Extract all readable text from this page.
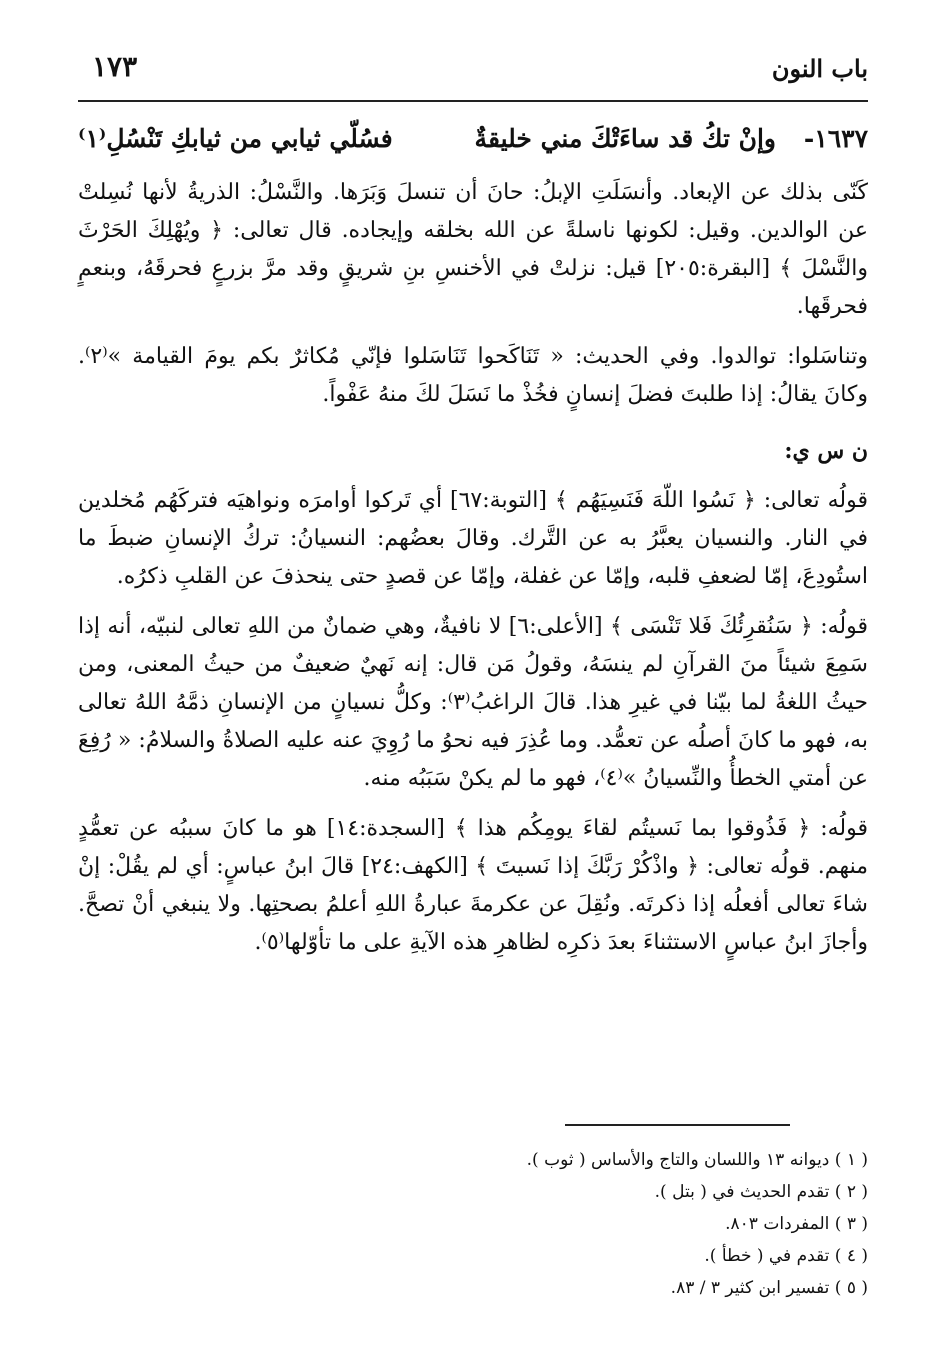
باب النون
١٧٣
١٦٣٧-
وإنْ تكُ قد ساءَتْكَ مني خليقةٌ
فسُلّي ثيابي من ثيابكِ تَنْسُلِ⁽١⁾

كَنّى بذلك عن الإبعاد. وأنسَلَتِ الإبلُ: حانَ أن تنسلَ وَبَرَها. والنَّسْلُ: الذريةُ لأنها نُسِلتْ عن الوالدين. وقيل: لكونها ناسلةً عن الله بخلقه وإيجاده. قال تعالى: ﴿ ويُهْلِكَ الحَرْثَ والنَّسْلَ ﴾ [البقرة:٢٠٥] قيل: نزلتْ في الأخنسِ بنِ شريقٍ وقد مرَّ بزرعٍ فحرقَهُ، وبنعمٍ فحرقَها.

وتناسَلوا: توالدوا. وفي الحديث: « تَنَاكَحوا تَنَاسَلوا فإنّي مُكاثرٌ بكم يومَ القيامة »⁽٢⁾. وكانَ يقالُ: إذا طلبتَ فضلَ إنسانٍ فخُذْ ما نَسَلَ لكَ منهُ عَفْواً.

ن س ي:

قولُه تعالى: ﴿ نَسُوا اللّهَ فَنَسِيَهُم ﴾ [التوبة:٦٧] أي تَركوا أوامرَه ونواهيَه فتركَهُم مُخلدين في النار. والنسيان يعبَّرُ به عن التَّرك. وقالَ بعضُهم: النسيانُ: تركُ الإنسانِ ضبطَ ما استُودِعَ، إمّا لضعفِ قلبه، وإمّا عن غفلة، وإمّا عن قصدٍ حتى ينحذفَ عن القلبِ ذكرُه.

قولُه: ﴿ سَنُقرِئُكَ فَلا تَنْسَى ﴾ [الأعلى:٦] لا نافيةٌ، وهي ضمانٌ من اللهِ تعالى لنبيّه، أنه إذا سَمِعَ شيئاً منَ القرآنِ لم ينسَهُ، وقولُ مَن قال: إنه نَهيٌ ضعيفٌ من حيثُ المعنى، ومن حيثُ اللغةُ لما بيّنا في غيرِ هذا. قالَ الراغبُ⁽٣⁾: وكلُّ نسيانٍ من الإنسانِ ذمَّهُ اللهُ تعالى به، فهو ما كانَ أصلُه عن تعمُّد. وما عُذِرَ فيه نحوُ ما رُوِيَ عنه عليه الصلاةُ والسلامُ: « رُفِعَ عن أمتي الخطأُ والنِّسيانُ »⁽٤⁾، فهو ما لم يكنْ سَبَبُه منه.

قولُه: ﴿ فَذُوقوا بما نَسيتُم لقاءَ يومِكُم هذا ﴾ [السجدة:١٤] هو ما كانَ سببُه عن تعمُّدٍ منهم. قولُه تعالى: ﴿ واذْكُرْ رَبَّكَ إذا نَسيتَ ﴾ [الكهف:٢٤] قالَ ابنُ عباسٍ: أي لم يقُلْ: إنْ شاءَ تعالى أفعلُه إذا ذكرتَه. ونُقِلَ عن عكرمةَ عبارةُ اللهِ أعلمُ بصحتِها. ولا ينبغي أنْ تصحَّ. وأجازَ ابنُ عباسٍ الاستثناءَ بعدَ ذكرِه لظاهرِ هذه الآيةِ على ما تأوّلها⁽٥⁾.

( ١ ) ديوانه ١٣ واللسان والتاج والأساس ( ثوب ).
( ٢ ) تقدم الحديث في ( بتل ).
( ٣ ) المفردات ٨٠٣.
( ٤ ) تقدم في ( خطأ ).
( ٥ ) تفسير ابن كثير ٣ / ٨٣.
